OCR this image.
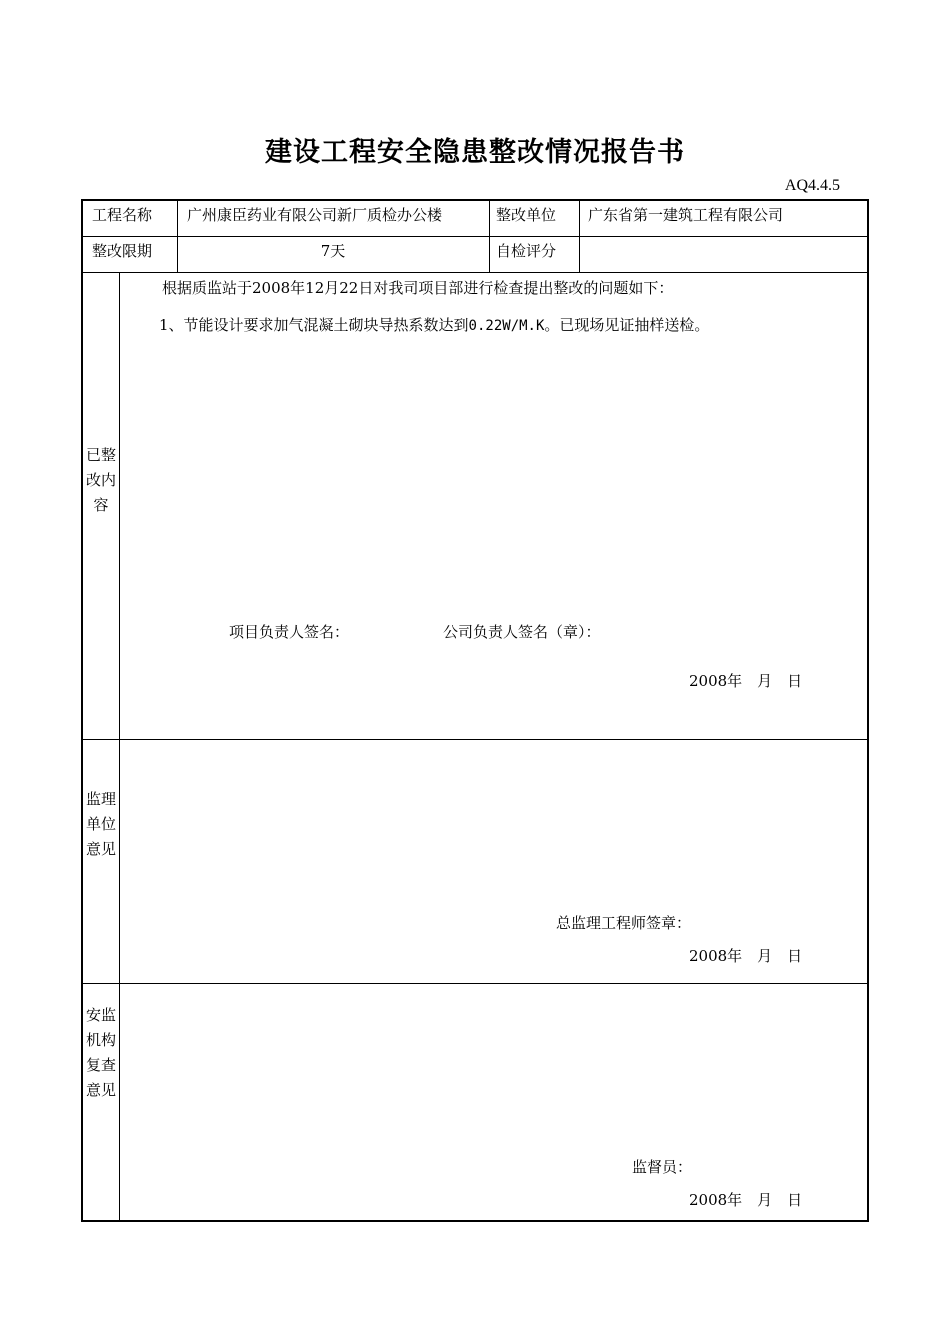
建设工程安全隐患整改情况报告书
AQ4.4.5
工程名称 广州康臣药业有限公司新厂质检办公楼	整改单位 广东省第一建筑工程有限公司
整改限期	7天	自检评分
已整改内容
根据质监站于2008年12月22日对我司项目部进行检查提出整改的问题如下：
1、节能设计要求加气混凝土砌块导热系数达到0.22W/M.K。已现场见证抽样送检。
项目负责人签名：	公司负责人签名（章）：
2008年　月　日
监理单位意见
总监理工程师签章：
2008年　月　日
安监机构复查意见
监督员：
2008年　月　日
